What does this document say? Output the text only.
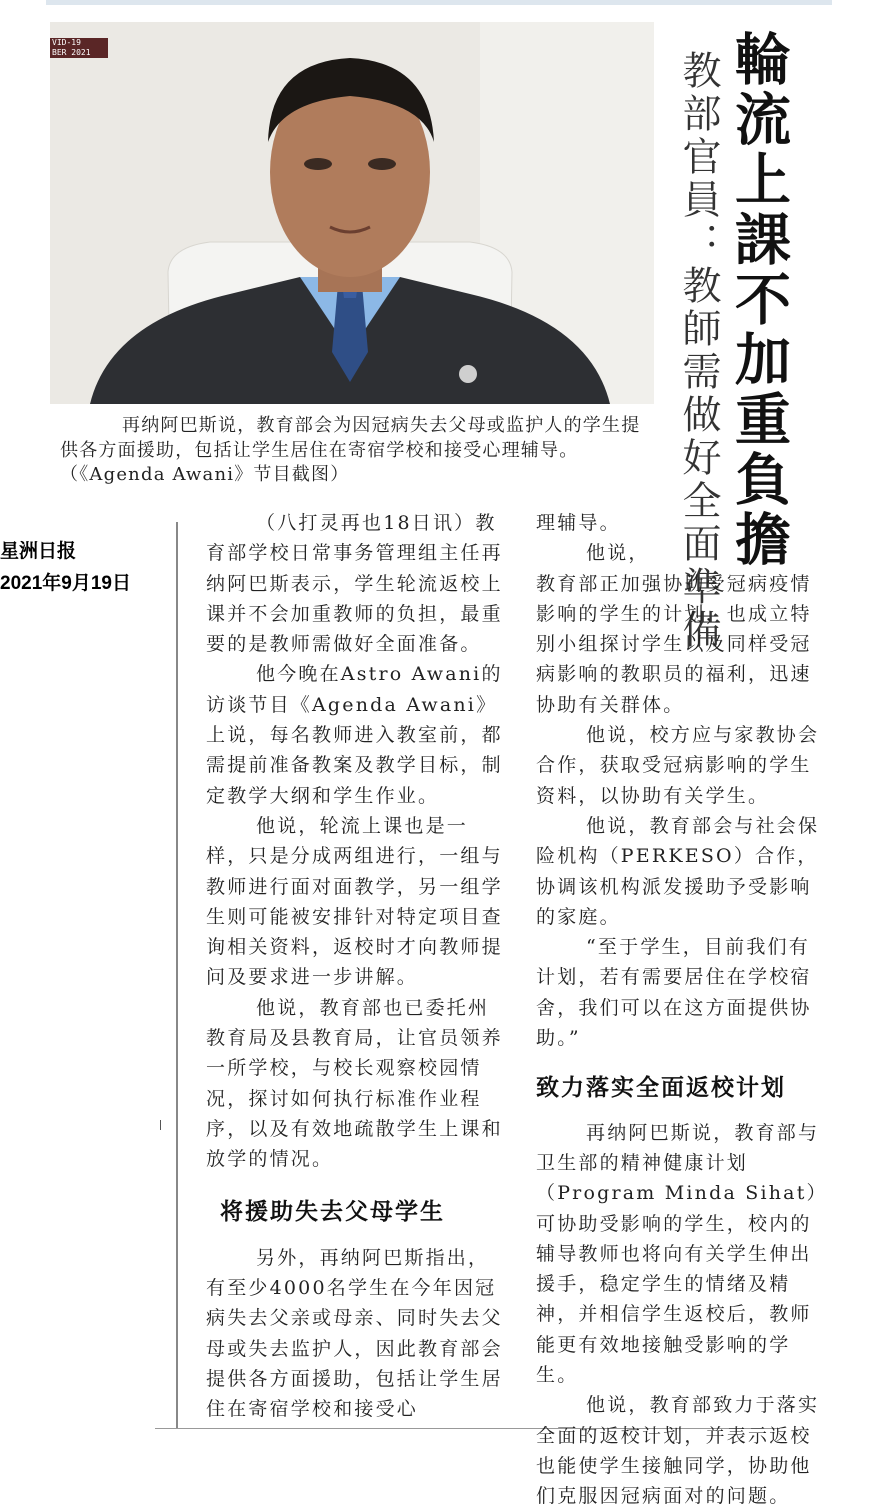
VID-19
BER 2021
再纳阿巴斯说，教育部会为因冠病失去父母或监护人的学生提供各方面援助，包括让学生居住在寄宿学校和接受心理辅导。（《Agenda Awani》节目截图）	輪流上課不加重負擔
教部官員：教師需做好全面準備
星洲日报
2021年9月19日

（八打灵再也18日讯）教育部学校日常事务管理组主任再纳阿巴斯表示，学生轮流返校上课并不会加重教师的负担，最重要的是教师需做好全面准备。

他今晚在Astro Awani的访谈节目《Agenda Awani》上说，每名教师进入教室前，都需提前准备教案及教学目标，制定教学大纲和学生作业。

他说，轮流上课也是一样，只是分成两组进行，一组与教师进行面对面教学，另一组学生则可能被安排针对特定项目查询相关资料，返校时才向教师提问及要求进一步讲解。

他说，教育部也已委托州教育局及县教育局，让官员领养一所学校，与校长观察校园情况，探讨如何执行标准作业程序，以及有效地疏散学生上课和放学的情况。

将援助失去父母学生

另外，再纳阿巴斯指出，有至少4000名学生在今年因冠病失去父亲或母亲、同时失去父母或失去监护人，因此教育部会提供各方面援助，包括让学生居住在寄宿学校和接受心

理辅导。

他说，

教育部正加强协助受冠病疫情影响的学生的计划，也成立特别小组探讨学生以及同样受冠病影响的教职员的福利，迅速协助有关群体。

他说，校方应与家教协会合作，获取受冠病影响的学生资料，以协助有关学生。

他说，教育部会与社会保险机构（PERKESO）合作，协调该机构派发援助予受影响的家庭。

“至于学生，目前我们有计划，若有需要居住在学校宿舍，我们可以在这方面提供协助。”

致力落实全面返校计划

再纳阿巴斯说，教育部与卫生部的精神健康计划（Program Minda Sihat）可协助受影响的学生，校内的辅导教师也将向有关学生伸出援手，稳定学生的情绪及精神，并相信学生返校后，教师能更有效地接触受影响的学生。

他说，教育部致力于落实全面的返校计划，并表示返校也能使学生接触同学，协助他们克服因冠病面对的问题。
